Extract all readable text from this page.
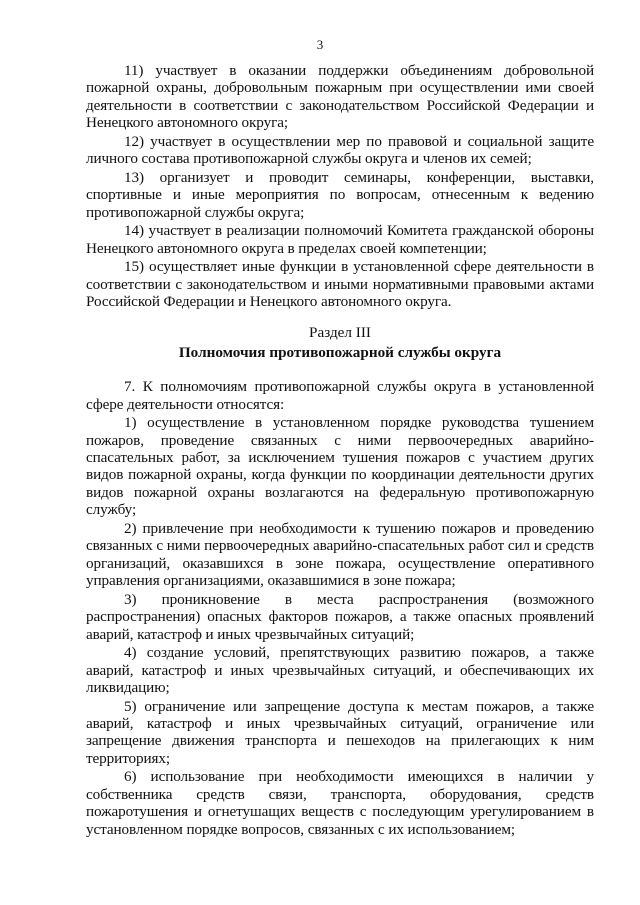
3

11) участвует в оказании поддержки объединениям добровольной пожарной охраны, добровольным пожарным при осуществлении ими своей деятельности в соответствии с законодательством Российской Федерации и Ненецкого автономного округа;

12) участвует в осуществлении мер по правовой и социальной защите личного состава противопожарной службы округа и членов их семей;

13) организует и проводит семинары, конференции, выставки, спортивные и иные мероприятия по вопросам, отнесенным к ведению противопожарной службы округа;

14) участвует в реализации полномочий Комитета гражданской обороны Ненецкого автономного округа в пределах своей компетенции;

15) осуществляет иные функции в установленной сфере деятельности в соответствии с законодательством и иными нормативными правовыми актами Российской Федерации и Ненецкого автономного округа.

Раздел III
Полномочия противопожарной службы округа

7. К полномочиям противопожарной службы округа в установленной сфере деятельности относятся:

1) осуществление в установленном порядке руководства тушением пожаров, проведение связанных с ними первоочередных аварийно-спасательных работ, за исключением тушения пожаров с участием других видов пожарной охраны, когда функции по координации деятельности других видов пожарной охраны возлагаются на федеральную противопожарную службу;

2) привлечение при необходимости к тушению пожаров и проведению связанных с ними первоочередных аварийно-спасательных работ сил и средств организаций, оказавшихся в зоне пожара, осуществление оперативного управления организациями, оказавшимися в зоне пожара;

3) проникновение в места распространения (возможного распространения) опасных факторов пожаров, а также опасных проявлений аварий, катастроф и иных чрезвычайных ситуаций;

4) создание условий, препятствующих развитию пожаров, а также аварий, катастроф и иных чрезвычайных ситуаций, и обеспечивающих их ликвидацию;

5) ограничение или запрещение доступа к местам пожаров, а также аварий, катастроф и иных чрезвычайных ситуаций, ограничение или запрещение движения транспорта и пешеходов на прилегающих к ним территориях;

6) использование при необходимости имеющихся в наличии у собственника средств связи, транспорта, оборудования, средств пожаротушения и огнетушащих веществ с последующим урегулированием в установленном порядке вопросов, связанных с их использованием;
